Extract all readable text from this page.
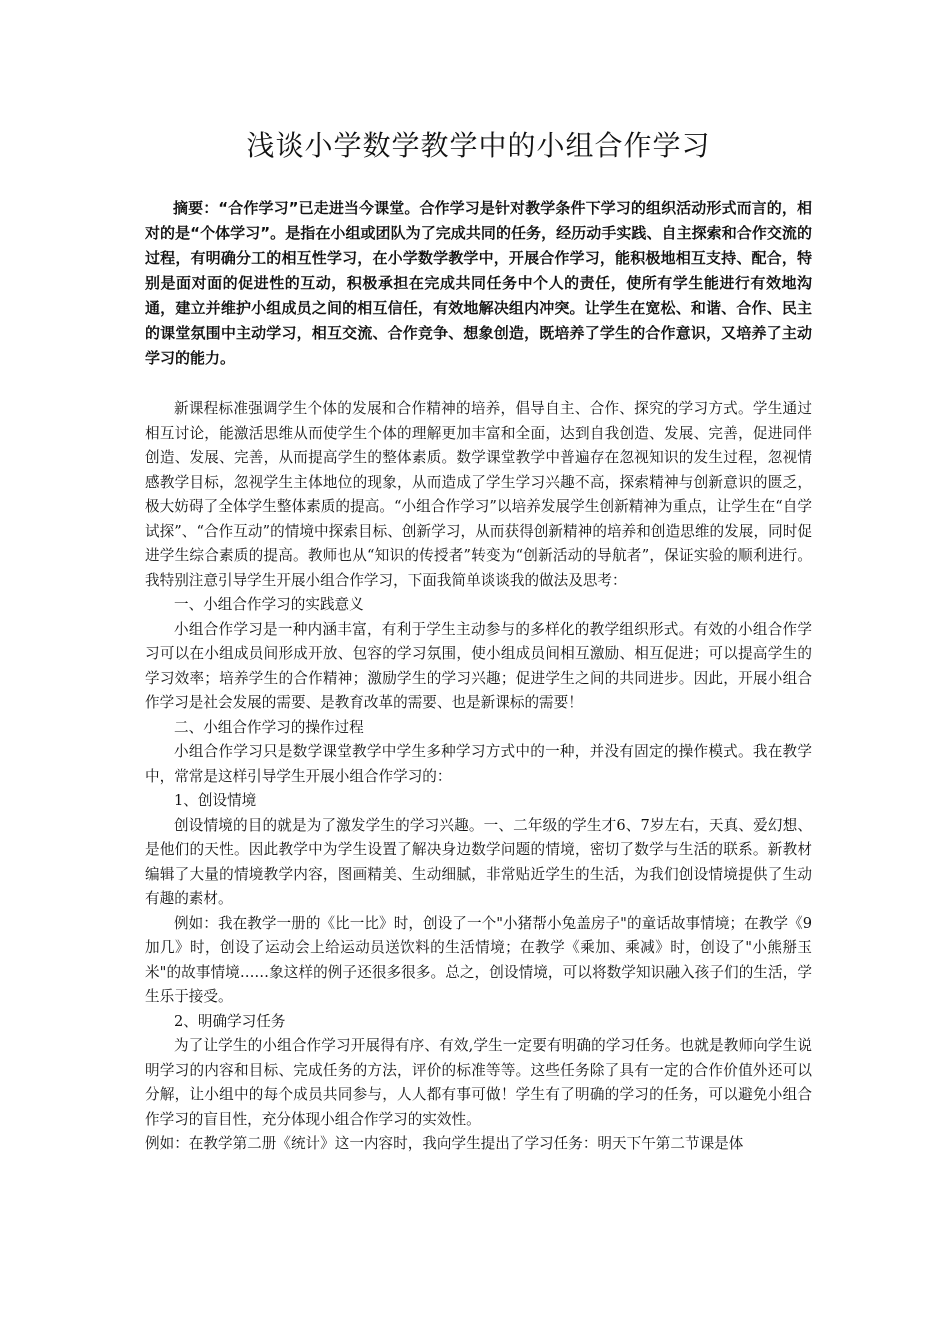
浅谈小学数学教学中的小组合作学习

摘要：“合作学习”已走进当今课堂。合作学习是针对教学条件下学习的组织活动形式而言的，相对的是“个体学习”。是指在小组或团队为了完成共同的任务，经历动手实践、自主探索和合作交流的过程，有明确分工的相互性学习，在小学数学教学中，开展合作学习，能积极地相互支持、配合，特别是面对面的促进性的互动，积极承担在完成共同任务中个人的责任，使所有学生能进行有效地沟通，建立并维护小组成员之间的相互信任，有效地解决组内冲突。让学生在宽松、和谐、合作、民主的课堂氛围中主动学习，相互交流、合作竞争、想象创造，既培养了学生的合作意识，又培养了主动学习的能力。

新课程标准强调学生个体的发展和合作精神的培养，倡导自主、合作、探究的学习方式。学生通过相互讨论，能激活思维从而使学生个体的理解更加丰富和全面，达到自我创造、发展、完善，促进同伴创造、发展、完善，从而提高学生的整体素质。数学课堂教学中普遍存在忽视知识的发生过程，忽视情感教学目标，忽视学生主体地位的现象，从而造成了学生学习兴趣不高，探索精神与创新意识的匮乏，极大妨碍了全体学生整体素质的提高。“小组合作学习”以培养发展学生创新精神为重点，让学生在“自学试探”、“合作互动”的情境中探索目标、创新学习，从而获得创新精神的培养和创造思维的发展，同时促进学生综合素质的提高。教师也从“知识的传授者”转变为“创新活动的导航者”，保证实验的顺利进行。我特别注意引导学生开展小组合作学习，下面我简单谈谈我的做法及思考：

一、小组合作学习的实践意义

小组合作学习是一种内涵丰富，有利于学生主动参与的多样化的教学组织形式。有效的小组合作学习可以在小组成员间形成开放、包容的学习氛围，使小组成员间相互激励、相互促进；可以提高学生的学习效率；培养学生的合作精神；激励学生的学习兴趣；促进学生之间的共同进步。因此，开展小组合作学习是社会发展的需要、是教育改革的需要、也是新课标的需要！

二、小组合作学习的操作过程

小组合作学习只是数学课堂教学中学生多种学习方式中的一种，并没有固定的操作模式。我在教学中，常常是这样引导学生开展小组合作学习的：

1、创设情境

创设情境的目的就是为了激发学生的学习兴趣。一、二年级的学生才6、7岁左右，天真、爱幻想、是他们的天性。因此教学中为学生设置了解决身边数学问题的情境，密切了数学与生活的联系。新教材编辑了大量的情境教学内容，图画精美、生动细腻，非常贴近学生的生活，为我们创设情境提供了生动有趣的素材。

例如：我在教学一册的《比一比》时，创设了一个"小猪帮小兔盖房子"的童话故事情境；在教学《9加几》时，创设了运动会上给运动员送饮料的生活情境；在教学《乘加、乘减》时，创设了"小熊掰玉米"的故事情境……象这样的例子还很多很多。总之，创设情境，可以将数学知识融入孩子们的生活，学生乐于接受。

2、明确学习任务

为了让学生的小组合作学习开展得有序、有效,学生一定要有明确的学习任务。也就是教师向学生说明学习的内容和目标、完成任务的方法，评价的标准等等。这些任务除了具有一定的合作价值外还可以分解，让小组中的每个成员共同参与，人人都有事可做！学生有了明确的学习的任务，可以避免小组合作学习的盲目性，充分体现小组合作学习的实效性。

例如：在教学第二册《统计》这一内容时，我向学生提出了学习任务：明天下午第二节课是体
